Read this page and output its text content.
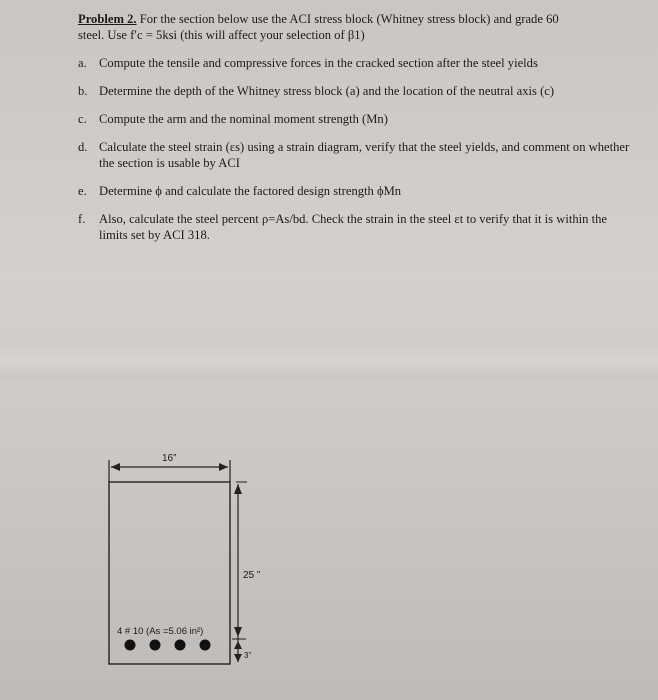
Problem 2. For the section below use the ACI stress block (Whitney stress block) and grade 60
steel. Use f′c = 5ksi (this will affect your selection of β1)

a. Compute the tensile and compressive forces in the cracked section after the steel yields
b. Determine the depth of the Whitney stress block (a) and the location of the neutral axis (c)
c. Compute the arm and the nominal moment strength (Mn)
d. Calculate the steel strain (εs) using a strain diagram, verify that the steel yields, and comment on whether the section is usable by ACI
e. Determine ϕ and calculate the factored design strength ϕMn
f. Also, calculate the steel percent ρ=As/bd. Check the strain in the steel εt to verify that it is within the limits set by ACI 318.
16”
25 ”
3”
4 # 10 (As =5.06 in²)
